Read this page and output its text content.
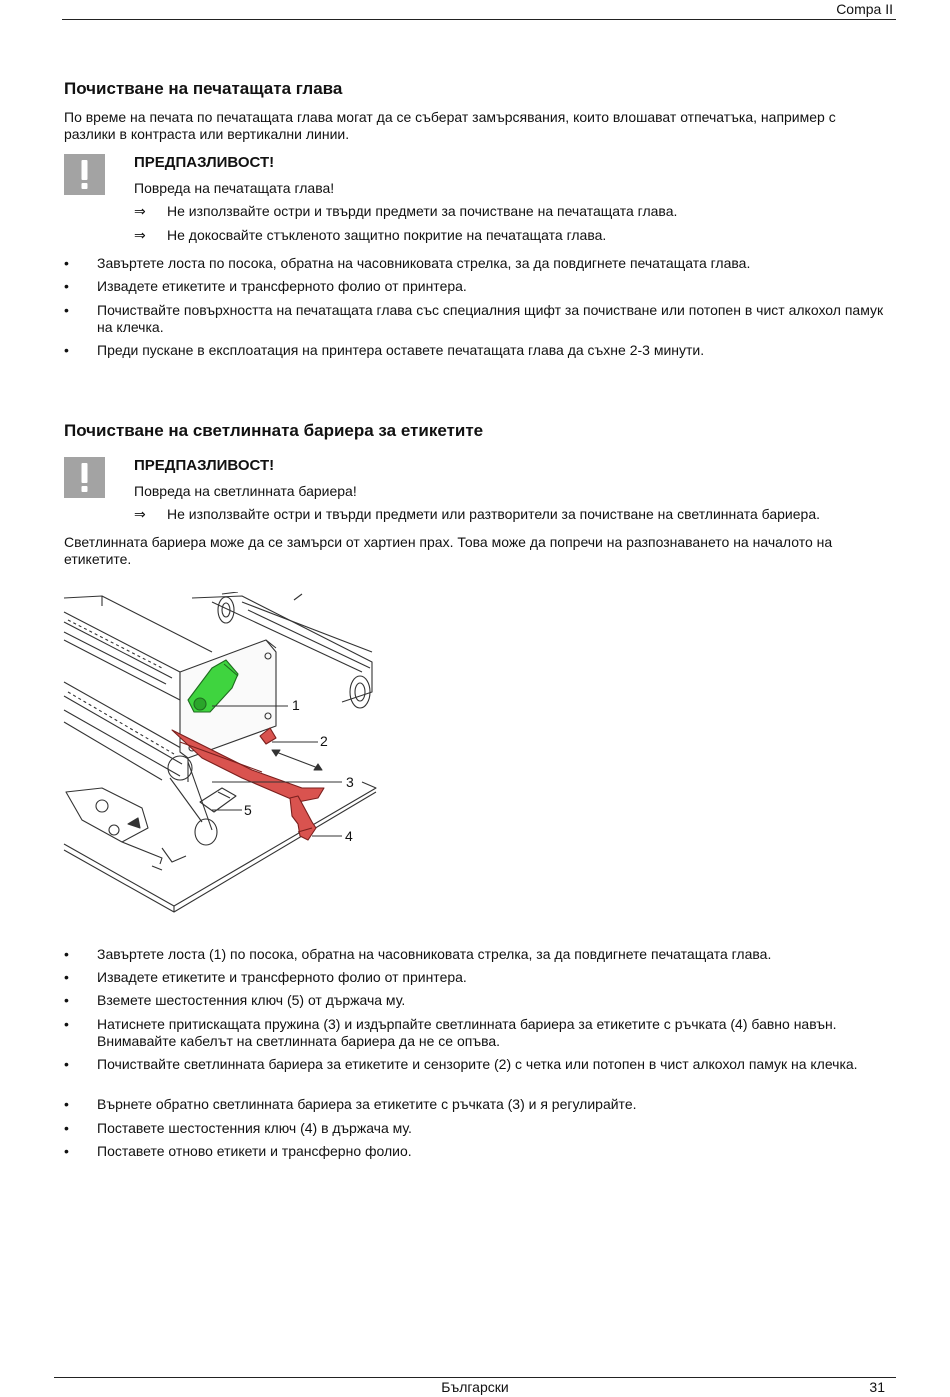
Compa II
Почистване на печатащата глава

По време на печата по печатащата глава могат да се съберат замърсявания, които влошават отпечатъка, например с разлики в контраста или вертикални линии.

ПРЕДПАЗЛИВОСТ!
Повреда на печатащата глава!
⇒ Не използвайте остри и твърди предмети за почистване на печатащата глава.
⇒ Не докосвайте стъкленото защитно покритие на печатащата глава.
• Завъртете лоста по посока, обратна на часовниковата стрелка, за да повдигнете печатащата глава.
• Извадете етикетите и трансферното фолио от принтера.
• Почиствайте повърхността на печатащата глава със специалния щифт за почистване или потопен в чист алкохол памук на клечка.
• Преди пускане в експлоатация на принтера оставете печатащата глава да съхне 2-3 минути.
Почистване на светлинната бариера за етикетите
ПРЕДПАЗЛИВОСТ!
Повреда на светлинната бариера!
⇒ Не използвайте остри и твърди предмети или разтворители за почистване на светлинната бариера.

Светлинната бариера може да се замърси от хартиен прах. Това може да попречи на разпознаването на началото на етикетите.

1
2
3
4
5
• Завъртете лоста (1) по посока, обратна на часовниковата стрелка, за да повдигнете печатащата глава.
• Извадете етикетите и трансферното фолио от принтера.
• Вземете шестостенния ключ (5) от държача му.
• Натиснете притискащата пружина (3) и издърпайте светлинната бариера за етикетите с ръчката (4) бавно навън. Внимавайте кабелът на светлинната бариера да не се опъва.
• Почиствайте светлинната бариера за етикетите и сензорите (2) с четка или потопен в чист алкохол памук на клечка.
• Върнете обратно светлинната бариера за етикетите с ръчката (3) и я регулирайте.
• Поставете шестостенния ключ (4) в държача му.
• Поставете отново етикети и трансферно фолио.
Български	31
